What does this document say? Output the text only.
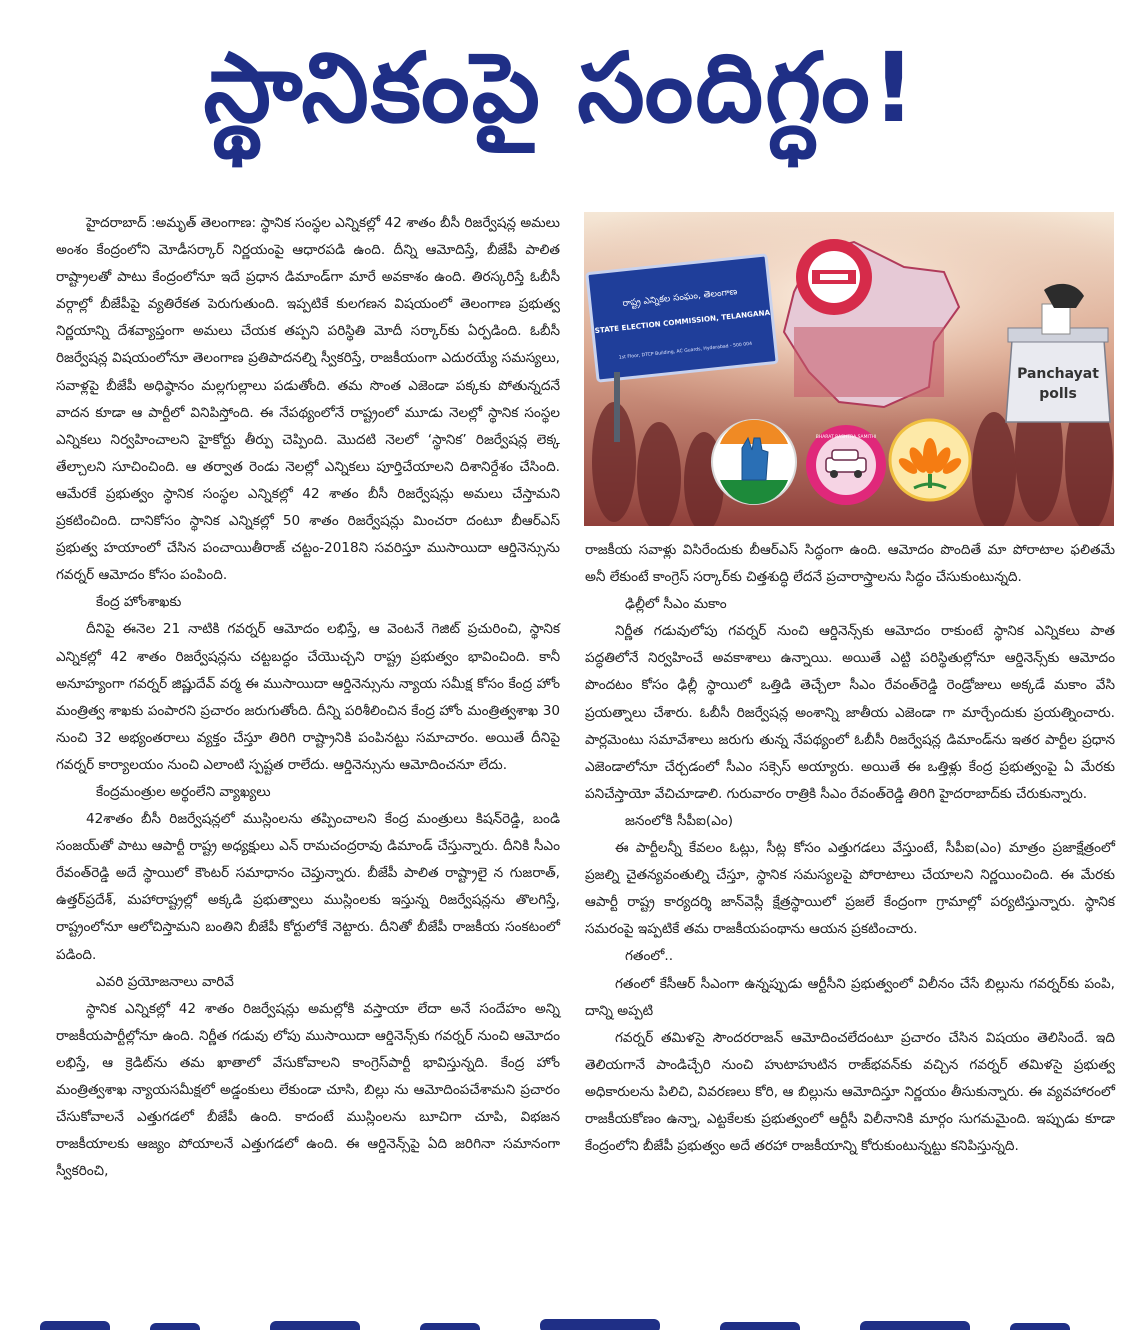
స్థానికంపై సందిగ్ధం!

హైదరాబాద్ :అమృత్ తెలంగాణ: స్థానిక సంస్థల ఎన్నికల్లో 42 శాతం బీసీ రిజర్వేషన్ల అమలు అంశం కేంద్రంలోని మోడీసర్కార్ నిర్ణయంపై ఆధారపడి ఉంది. దీన్ని ఆమోదిస్తే, బీజేపీ పాలిత రాష్ట్రాలతో పాటు కేంద్రంలోనూ ఇదే ప్రధాన డిమాండ్‌గా మారే అవకాశం ఉంది. తిరస్కరిస్తే ఓబీసీ వర్గాల్లో బీజేపీపై వ్యతిరేకత పెరుగుతుంది. ఇప్పటికే కులగణన విషయంలో తెలంగాణ ప్రభుత్వ నిర్ణయాన్ని దేశవ్యాప్తంగా అమలు చేయక తప్పని పరిస్థితి మోదీ సర్కార్‌కు ఏర్పడింది. ఓబీసీ రిజర్వేషన్ల విషయంలోనూ తెలంగాణ ప్రతిపాదనల్ని స్వీకరిస్తే, రాజకీయంగా ఎదురయ్యే సమస్యలు, సవాళ్లపై బీజేపీ అధిష్ఠానం మల్లగుల్లాలు పడుతోంది. తమ సొంత ఎజెండా పక్కకు పోతున్నదనే వాదన కూడా ఆ పార్టీలో వినిపిస్తోంది. ఈ నేపథ్యంలోనే రాష్ట్రంలో మూడు నెలల్లో స్థానిక సంస్థల ఎన్నికలు నిర్వహించాలని హైకోర్టు తీర్పు చెప్పింది. మొదటి నెలలో ‘స్థానిక’ రిజర్వేషన్ల లెక్క తేల్చాలని సూచించింది. ఆ తర్వాత రెండు నెలల్లో ఎన్నికలు పూర్తిచేయాలని దిశానిర్దేశం చేసింది. ఆమేరకే ప్రభుత్వం స్థానిక సంస్థల ఎన్నికల్లో 42 శాతం బీసీ రిజర్వేషన్లు అమలు చేస్తామని ప్రకటించింది. దానికోసం స్థానిక ఎన్నికల్లో 50 శాతం రిజర్వేషన్లు మించరా దంటూ బీఆర్ఎస్ ప్రభుత్వ హయాంలో చేసిన పంచాయితీరాజ్ చట్టం-2018ని సవరిస్తూ ముసాయిదా ఆర్డినెన్సును గవర్నర్ ఆమోదం కోసం పంపింది.

కేంద్ర హోంశాఖకు

దీనిపై ఈనెల 21 నాటికి గవర్నర్ ఆమోదం లభిస్తే, ఆ వెంటనే గెజిట్ ప్రచురించి, స్థానిక ఎన్నికల్లో 42 శాతం రిజర్వేషన్లను చట్టబద్ధం చేయొచ్చని రాష్ట్ర ప్రభుత్వం భావించింది. కానీ అనూహ్యంగా గవర్నర్ జిష్ణుదేవ్ వర్మ ఈ ముసాయిదా ఆర్డినెన్సును న్యాయ సమీక్ష కోసం కేంద్ర హోం మంత్రిత్వ శాఖకు పంపారని ప్రచారం జరుగుతోంది. దీన్ని పరిశీలించిన కేంద్ర హోం మంత్రిత్వశాఖ 30 నుంచి 32 అభ్యంతరాలు వ్యక్తం చేస్తూ తిరిగి రాష్ట్రానికి పంపినట్టు సమాచారం. అయితే దీనిపై గవర్నర్ కార్యాలయం నుంచి ఎలాంటి స్పష్టత రాలేదు. ఆర్డినెన్సును ఆమోదించనూ లేదు.

కేంద్రమంత్రుల అర్థంలేని వ్యాఖ్యలు

42శాతం బీసీ రిజర్వేషన్లలో ముస్లింలను తప్పించాలని కేంద్ర మంత్రులు కిషన్‌రెడ్డి, బండి సంజయ్‌తో పాటు ఆపార్టీ రాష్ట్ర అధ్యక్షులు ఎన్ రామచంద్రరావు డిమాండ్ చేస్తున్నారు. దీనికి సీఎం రేవంత్‌రెడ్డి అదే స్థాయిలో కౌంటర్ సమాధానం చెప్తున్నారు. బీజేపీ పాలిత రాష్ట్రాలై న గుజరాత్, ఉత్తర్‌ప్రదేశ్, మహారాష్ట్రల్లో అక్కడి ప్రభుత్వాలు ముస్లింలకు ఇస్తున్న రిజర్వేషన్లను తొలగిస్తే, రాష్ట్రంలోనూ ఆలోచిస్తామని బంతిని బీజేపీ కోర్టులోకే నెట్టారు. దీనితో బీజేపీ రాజకీయ సంకటంలో పడింది.

ఎవరి ప్రయోజనాలు వారివే

స్థానిక ఎన్నికల్లో 42 శాతం రిజర్వేషన్లు అమల్లోకి వస్తాయా లేదా అనే సందేహం అన్ని రాజకీయపార్టీల్లోనూ ఉంది. నిర్ణీత గడువు లోపు ముసాయిదా ఆర్డినెన్స్‌కు గవర్నర్ నుంచి ఆమోదం లభిస్తే, ఆ క్రెడిట్‌ను తమ ఖాతాలో వేసుకోవాలని కాంగ్రెస్‌పార్టీ భావిస్తున్నది. కేంద్ర హోం మంత్రిత్వశాఖ న్యాయసమీక్షలో అడ్డంకులు లేకుండా చూసి, బిల్లు ను ఆమోదింపచేశామని ప్రచారం చేసుకోవాలనే ఎత్తుగడలో బీజేపీ ఉంది. కాదంటే ముస్లింలను బూచిగా చూపి, విభజన రాజకీయాలకు ఆజ్యం పోయాలనే ఎత్తుగడలో ఉంది. ఈ ఆర్డినెన్స్‌పై ఏది జరిగినా సమానంగా స్వీకరించి,

రాష్ట్ర ఎన్నికల సంఘం, తెలంగాణ
STATE ELECTION COMMISSION, TELANGANA
1st Floor, DTCP Building, AC Guards, Hyderabad - 500 004
Panchayat
polls
BHARAT RASHTRA SAMITHI

రాజకీయ సవాళ్లు విసిరేందుకు బీఆర్ఎస్ సిద్ధంగా ఉంది. ఆమోదం పొందితే మా పోరాటాల ఫలితమే అనీ లేకుంటే కాంగ్రెస్ సర్కార్‌కు చిత్తశుద్ధి లేదనే ప్రచారాస్త్రాలను సిద్ధం చేసుకుంటున్నది.

ఢిల్లీలో సీఎం మకాం

నిర్ణీత గడువులోపు గవర్నర్ నుంచి ఆర్డినెన్స్‌కు ఆమోదం రాకుంటే స్థానిక ఎన్నికలు పాత పద్ధతిలోనే నిర్వహించే అవకాశాలు ఉన్నాయి. అయితే ఎట్టి పరిస్థితుల్లోనూ ఆర్డినెన్స్‌కు ఆమోదం పొందటం కోసం ఢిల్లీ స్థాయిలో ఒత్తిడి తెచ్చేలా సీఎం రేవంత్‌రెడ్డి రెండ్రోజులు అక్కడే మకాం వేసి ప్రయత్నాలు చేశారు. ఓబీసీ రిజర్వేషన్ల అంశాన్ని జాతీయ ఎజెండా గా మార్చేందుకు ప్రయత్నించారు. పార్లమెంటు సమావేశాలు జరుగు తున్న నేపథ్యంలో ఓబీసీ రిజర్వేషన్ల డిమాండ్‌ను ఇతర పార్టీల ప్రధాన ఎజెండాలోనూ చేర్చడంలో సీఎం సక్సెస్ అయ్యారు. అయితే ఈ ఒత్తిళ్లు కేంద్ర ప్రభుత్వంపై ఏ మేరకు పనిచేస్తాయో వేచిచూడాలి. గురువారం రాత్రికి సీఎం రేవంత్‌రెడ్డి తిరిగి హైదరాబాద్‌కు చేరుకున్నారు.

జనంలోకి సీపీఐ(ఎం)

ఈ పార్టీలన్నీ కేవలం ఓట్లు, సీట్ల కోసం ఎత్తుగడలు వేస్తుంటే, సీపీఐ(ఎం) మాత్రం ప్రజాక్షేత్రంలో ప్రజల్ని చైతన్యవంతుల్ని చేస్తూ, స్థానిక సమస్యలపై పోరాటాలు చేయాలని నిర్ణయించింది. ఈ మేరకు ఆపార్టీ రాష్ట్ర కార్యదర్శి జాన్‌వెస్లీ క్షేత్రస్థాయిలో ప్రజలే కేంద్రంగా గ్రామాల్లో పర్యటిస్తున్నారు. స్థానిక సమరంపై ఇప్పటికే తమ రాజకీయపంథాను ఆయన ప్రకటించారు.

గతంలో..

గతంలో కేసీఆర్ సీఎంగా ఉన్నప్పుడు ఆర్టీసీని ప్రభుత్వంలో విలీనం చేసే బిల్లును గవర్నర్‌కు పంపి, దాన్ని అప్పటి

గవర్నర్ తమిళసై సౌందరరాజన్ ఆమోదించలేదంటూ ప్రచారం చేసిన విషయం తెలిసిందే. ఇది తెలియగానే పాండిచ్చేరి నుంచి హుటాహుటిన రాజ్‌భవన్‌కు వచ్చిన గవర్నర్ తమిళసై ప్రభుత్వ అధికారులను పిలిచి, వివరణలు కోరి, ఆ బిల్లును ఆమోదిస్తూ నిర్ణయం తీసుకున్నారు. ఈ వ్యవహారంలో రాజకీయకోణం ఉన్నా, ఎట్టకేలకు ప్రభుత్వంలో ఆర్టీసీ విలీనానికి మార్గం సుగమమైంది. ఇప్పుడు కూడా కేంద్రంలోని బీజేపీ ప్రభుత్వం అదే తరహా రాజకీయాన్ని కోరుకుంటున్నట్టు కనిపిస్తున్నది.
